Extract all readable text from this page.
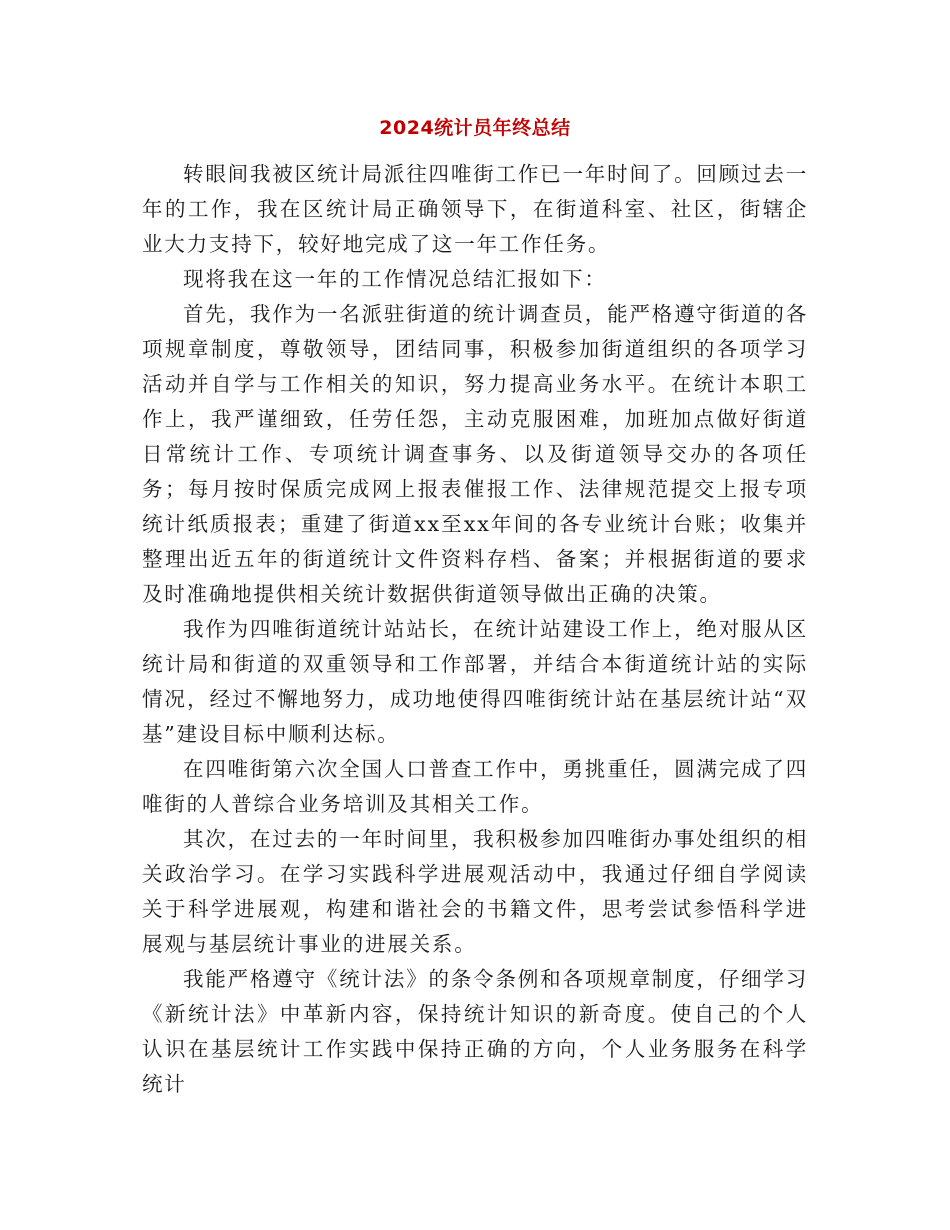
2024统计员年终总结

转眼间我被区统计局派往四唯街工作已一年时间了。回顾过去一年的工作，我在区统计局正确领导下，在街道科室、社区，街辖企业大力支持下，较好地完成了这一年工作任务。

现将我在这一年的工作情况总结汇报如下：

首先，我作为一名派驻街道的统计调查员，能严格遵守街道的各项规章制度，尊敬领导，团结同事，积极参加街道组织的各项学习活动并自学与工作相关的知识，努力提高业务水平。在统计本职工作上，我严谨细致，任劳任怨，主动克服困难，加班加点做好街道日常统计工作、专项统计调查事务、以及街道领导交办的各项任务；每月按时保质完成网上报表催报工作、法律规范提交上报专项统计纸质报表；重建了街道xx至xx年间的各专业统计台账；收集并整理出近五年的街道统计文件资料存档、备案；并根据街道的要求及时准确地提供相关统计数据供街道领导做出正确的决策。

我作为四唯街道统计站站长，在统计站建设工作上，绝对服从区统计局和街道的双重领导和工作部署，并结合本街道统计站的实际情况，经过不懈地努力，成功地使得四唯街统计站在基层统计站“双基”建设目标中顺利达标。

在四唯街第六次全国人口普查工作中，勇挑重任，圆满完成了四唯街的人普综合业务培训及其相关工作。

其次，在过去的一年时间里，我积极参加四唯街办事处组织的相关政治学习。在学习实践科学进展观活动中，我通过仔细自学阅读关于科学进展观，构建和谐社会的书籍文件，思考尝试参悟科学进展观与基层统计事业的进展关系。

我能严格遵守《统计法》的条令条例和各项规章制度，仔细学习《新统计法》中革新内容，保持统计知识的新奇度。使自己的个人认识在基层统计工作实践中保持正确的方向，个人业务服务在科学统计
